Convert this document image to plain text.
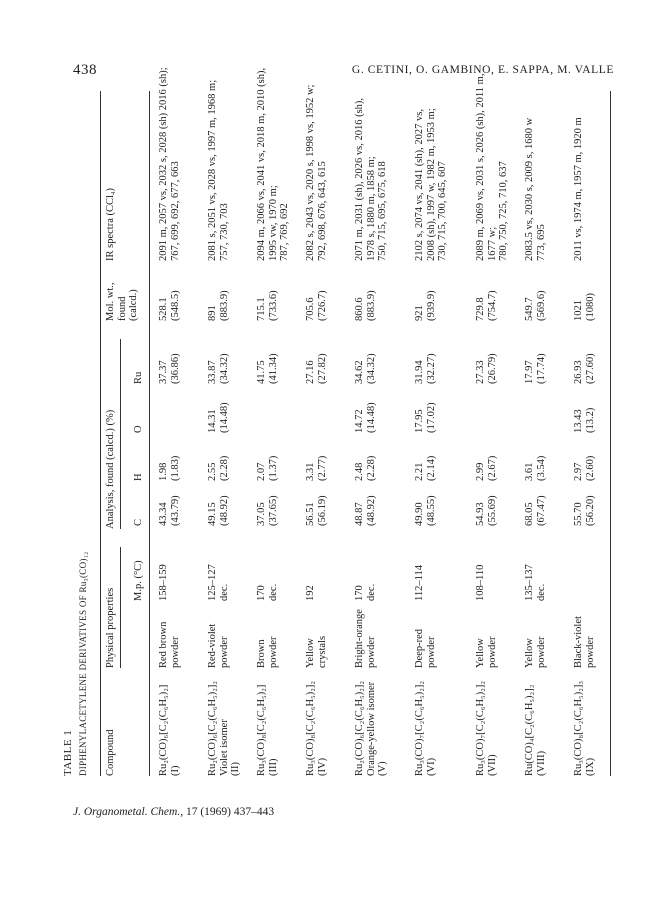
438	G. CETINI, O. GAMBINO, E. SAPPA, M. VALLE
TABLE 1 DIPHENYLACETYLENE DERIVATIVES OF Ru₃(CO)₁₂ Compound
Physical properties
Analysis, found (calcd.) (%)
Mol. wt., found (calcd.)
IR spectra (CCl₄)
M.p. (°C)
C
H
O
Ru
Ru₂(CO)₆[C₂(C₆H₅)₂] (I)
Red brown powder
158–159

43.34 (43.79)
1.98 (1.83)

37.37 (36.86)
528.1 (548.5)
2091 m, 2057 vs, 2032 s, 2028 (sh) 2016 (sh); 767, 699, 692, 677, 663
Ru₂(CO)₆[C₂(C₆H₅)₂]₂ Violet isomer (II)
Red-violet powder
125–127 dec.
49.15 (48.92)
2.55 (2.28)
14.31 (14.48)
33.87 (34.32)
891 (883.9)
2081 s, 2051 vs, 2028 vs, 1997 m, 1968 m; 757, 730, 703
Ru₃(CO)₈[C₂(C₆H₅)₂] (III)
Brown powder
170 dec.
37.05 (37.65)
2.07 (1.37)

41.75 (41.34)
715.1 (733.6)
2094 m, 2066 vs, 2041 vs, 2018 m, 2010 (sh), 1995 vw, 1970 m; 787, 769, 692
Ru₃(CO)₈[C₂(C₆H₅)₂]₂ (IV)
Yellow crystals
192

56.51 (56.19)
3.31 (2.77)

27.16 (27.82)
705.6 (726.7)
2082 s, 2043 vs, 2020 s, 1998 vs, 1952 w; 792, 698, 676, 643, 615
Ru₂(CO)₆[C₂(C₆H₅)₂]₂ Orange-yellow isomer (V)
Bright-orange powder
170 dec.
48.87 (48.92)
2.48 (2.28)
14.72 (14.48)
34.62 (34.32)
860.6 (883.9)
2071 m, 2031 (sh), 2026 vs, 2016 (sh), 1978 s, 1880 m, 1858 m; 750, 715, 695, 675, 618
Ru₃(CO)₇[C₂(C₆H₅)₂]₂ (VI)
Deep-red powder
112–114

49.90 (48.55)
2.21 (2.14)
17.95 (17.02)
31.94 (32.27)
921 (939.9)
2102 s, 2074 vs, 2041 (sh), 2027 vs, 2008 (sh), 1997 w, 1982 m, 1953 m; 730, 715, 700, 645, 607
Ru₃(CO)₇[C₂(C₆H₅)₂]₂ (VII)
Yellow powder
108–110

54.93 (55.69)
2.99 (2.67)

27.33 (26.79)
729.8 (754.7)
2089 m, 2069 vs, 2031 s, 2026 (sh), 2011 m, 1677 w; 780, 750, 725, 710, 637
Ru(CO)₄[C₂(C₆H₅)₂]₂ (VIII)
Yellow powder
135–137 dec.
68.05 (67.47)
3.61 (3.54)

17.97 (17.74)
549.7 (569.6)
2083.5 vs, 2030 s, 2009 s, 1680 w 773, 695
Ru₃(CO)₈[C₂(C₆H₅)₂]₃ (IX)
Black-violet powder

55.70 (56.20)
2.97 (2.60)
13.43 (13.2)
26.93 (27.60)
1021 (1080)
2011 vs, 1974 m, 1957 m, 1920 m

J. Organometal. Chem., 17 (1969) 437–443
